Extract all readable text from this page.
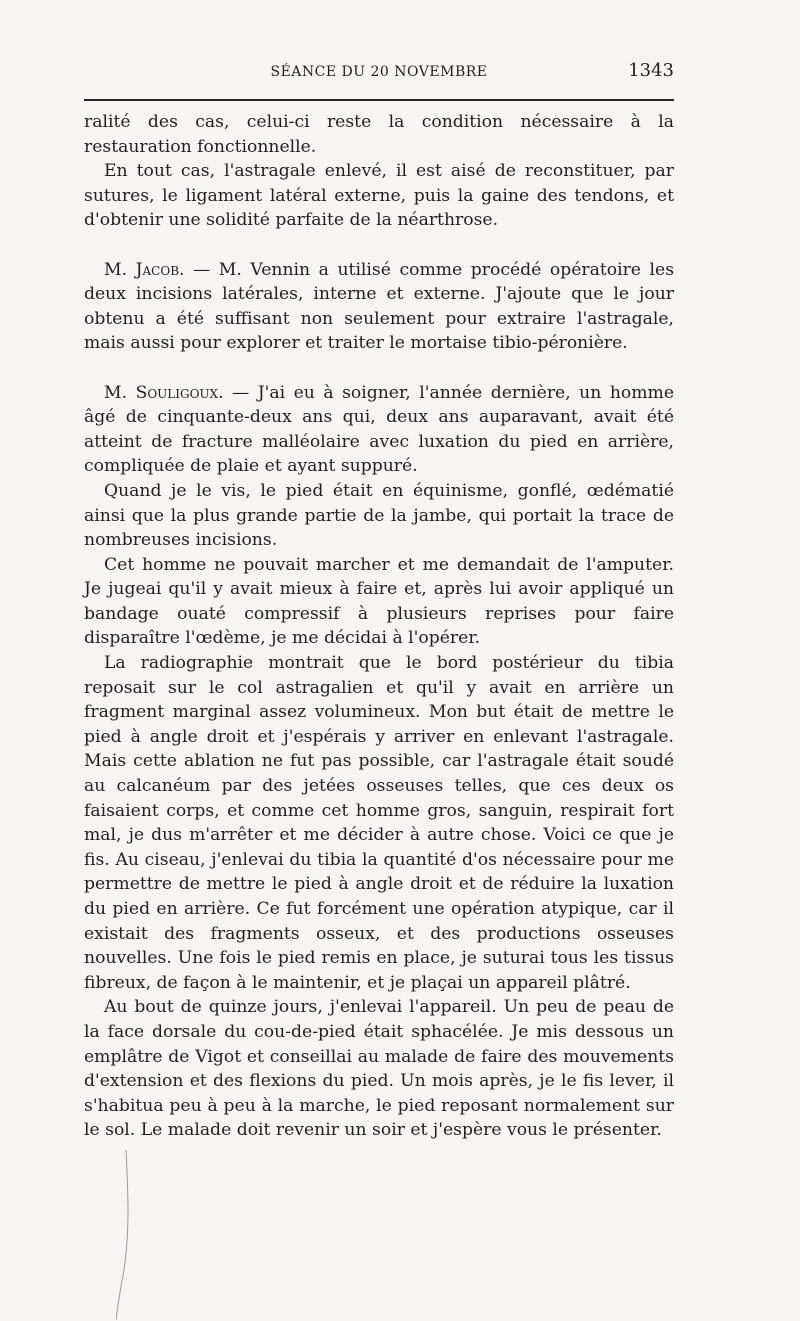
SÉANCE DU 20 NOVEMBRE	1343

ralité des cas, celui-ci reste la condition nécessaire à la restauration fonctionnelle.

En tout cas, l'astragale enlevé, il est aisé de reconstituer, par sutures, le ligament latéral externe, puis la gaine des tendons, et d'obtenir une solidité parfaite de la néarthrose.

M. Jacob. — M. Vennin a utilisé comme procédé opératoire les deux incisions latérales, interne et externe. J'ajoute que le jour obtenu a été suffisant non seulement pour extraire l'astragale, mais aussi pour explorer et traiter le mortaise tibio-péronière.

M. Souligoux. — J'ai eu à soigner, l'année dernière, un homme âgé de cinquante-deux ans qui, deux ans auparavant, avait été atteint de fracture malléolaire avec luxation du pied en arrière, compliquée de plaie et ayant suppuré.

Quand je le vis, le pied était en équinisme, gonflé, œdématié ainsi que la plus grande partie de la jambe, qui portait la trace de nombreuses incisions.

Cet homme ne pouvait marcher et me demandait de l'amputer. Je jugeai qu'il y avait mieux à faire et, après lui avoir appliqué un bandage ouaté compressif à plusieurs reprises pour faire disparaître l'œdème, je me décidai à l'opérer.

La radiographie montrait que le bord postérieur du tibia reposait sur le col astragalien et qu'il y avait en arrière un fragment marginal assez volumineux. Mon but était de mettre le pied à angle droit et j'espérais y arriver en enlevant l'astragale. Mais cette ablation ne fut pas possible, car l'astragale était soudé au calcanéum par des jetées osseuses telles, que ces deux os faisaient corps, et comme cet homme gros, sanguin, respirait fort mal, je dus m'arrêter et me décider à autre chose. Voici ce que je fis. Au ciseau, j'enlevai du tibia la quantité d'os nécessaire pour me permettre de mettre le pied à angle droit et de réduire la luxation du pied en arrière. Ce fut forcément une opération atypique, car il existait des fragments osseux, et des productions osseuses nouvelles. Une fois le pied remis en place, je suturai tous les tissus fibreux, de façon à le maintenir, et je plaçai un appareil plâtré.

Au bout de quinze jours, j'enlevai l'appareil. Un peu de peau de la face dorsale du cou-de-pied était sphacélée. Je mis dessous un emplâtre de Vigot et conseillai au malade de faire des mouvements d'extension et des flexions du pied. Un mois après, je le fis lever, il s'habitua peu à peu à la marche, le pied reposant normalement sur le sol. Le malade doit revenir un soir et j'espère vous le présenter.
